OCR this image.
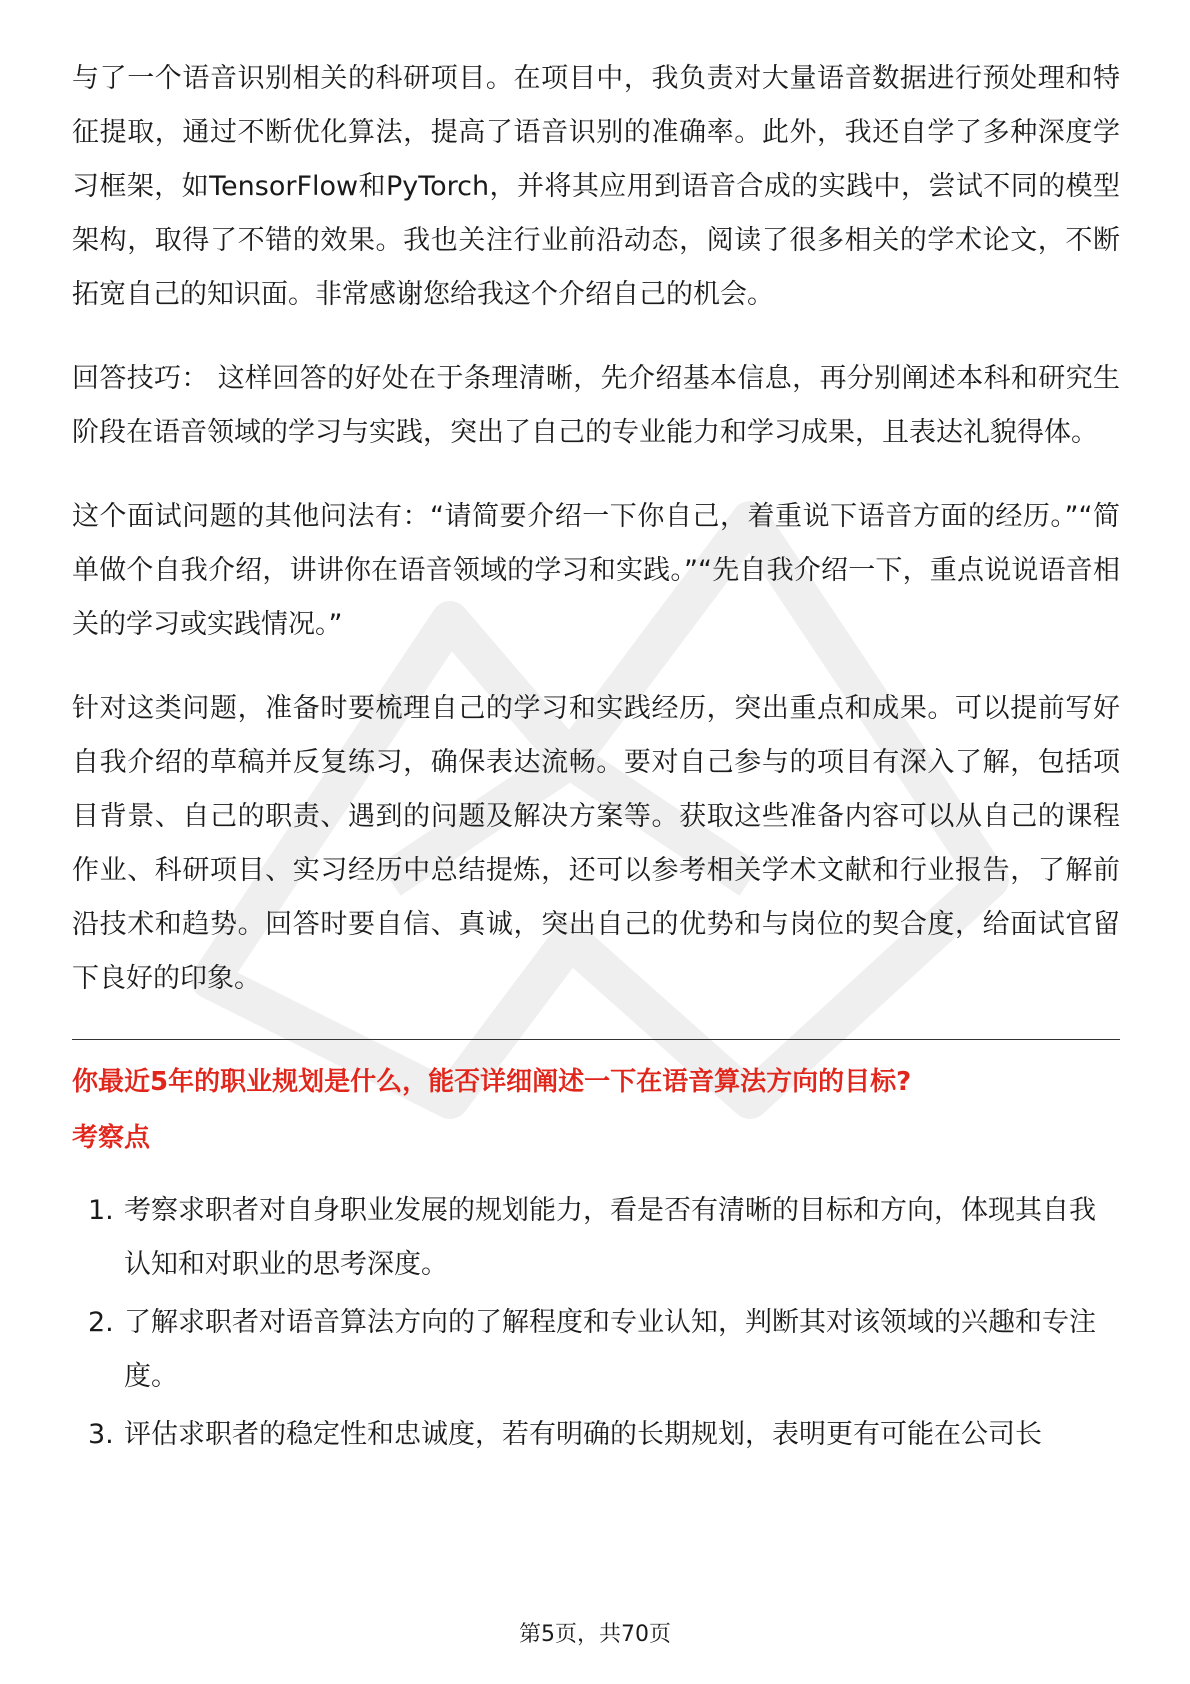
与了一个语音识别相关的科研项目。在项目中，我负责对大量语音数据进行预处理和特征提取，通过不断优化算法，提高了语音识别的准确率。此外，我还自学了多种深度学习框架，如TensorFlow和PyTorch，并将其应用到语音合成的实践中，尝试不同的模型架构，取得了不错的效果。我也关注行业前沿动态，阅读了很多相关的学术论文，不断拓宽自己的知识面。非常感谢您给我这个介绍自己的机会。

回答技巧： 这样回答的好处在于条理清晰，先介绍基本信息，再分别阐述本科和研究生阶段在语音领域的学习与实践，突出了自己的专业能力和学习成果，且表达礼貌得体。

这个面试问题的其他问法有：“请简要介绍一下你自己，着重说下语音方面的经历。”“简单做个自我介绍，讲讲你在语音领域的学习和实践。”“先自我介绍一下，重点说说语音相关的学习或实践情况。”

针对这类问题，准备时要梳理自己的学习和实践经历，突出重点和成果。可以提前写好自我介绍的草稿并反复练习，确保表达流畅。要对自己参与的项目有深入了解，包括项目背景、自己的职责、遇到的问题及解决方案等。获取这些准备内容可以从自己的课程作业、科研项目、实习经历中总结提炼，还可以参考相关学术文献和行业报告，了解前沿技术和趋势。回答时要自信、真诚，突出自己的优势和与岗位的契合度，给面试官留下良好的印象。

你最近5年的职业规划是什么，能否详细阐述一下在语音算法方向的目标?
考察点
1. 考察求职者对自身职业发展的规划能力，看是否有清晰的目标和方向，体现其自我认知和对职业的思考深度。
2. 了解求职者对语音算法方向的了解程度和专业认知，判断其对该领域的兴趣和专注度。
3. 评估求职者的稳定性和忠诚度，若有明确的长期规划，表明更有可能在公司长
第5页，共70页
